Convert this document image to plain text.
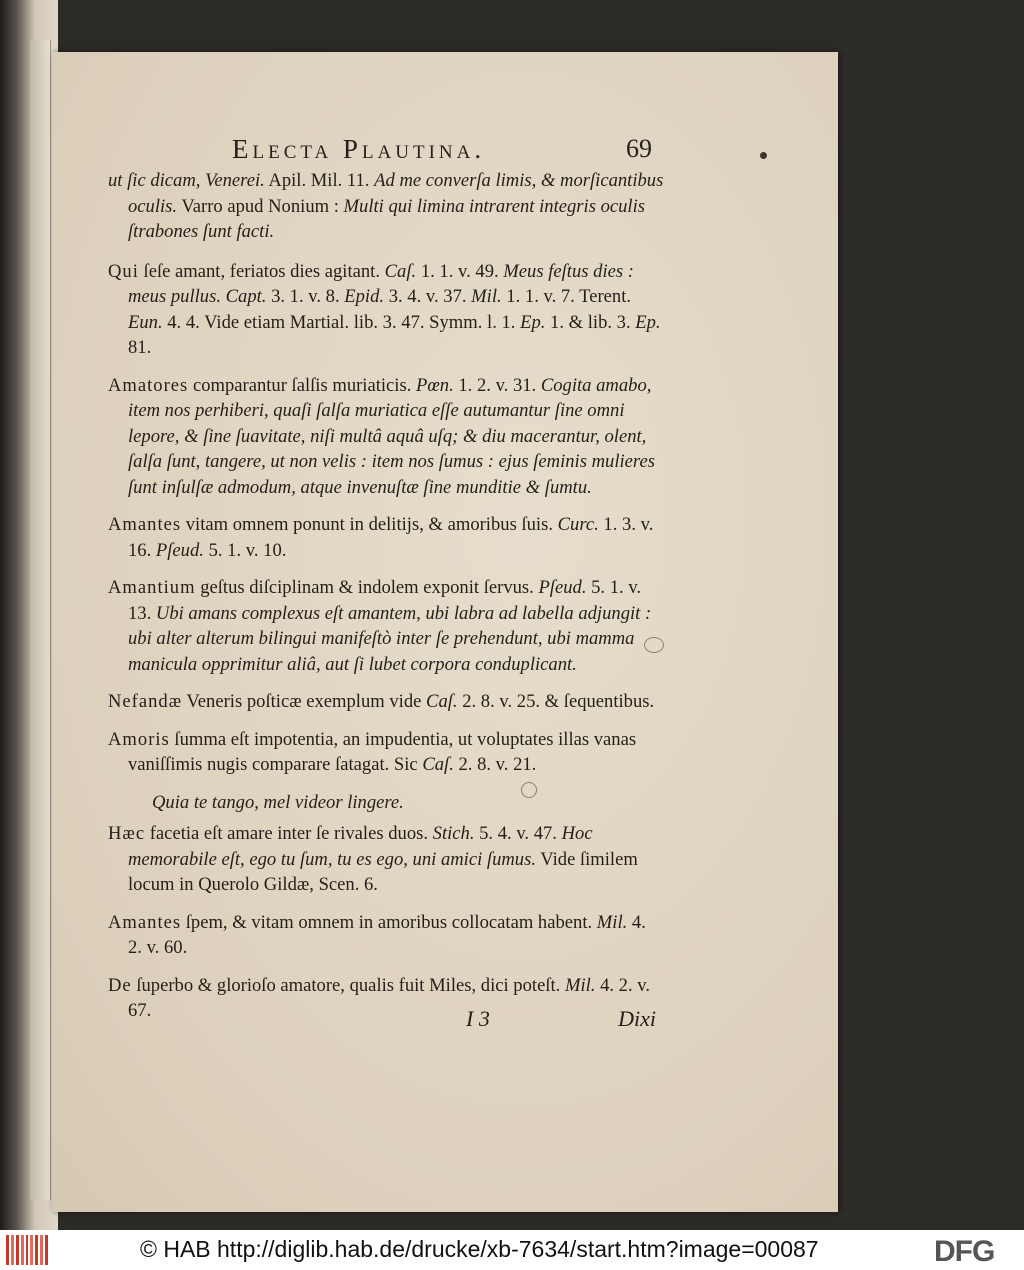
Electa Plautina.	69

ut ſic dicam, Venerei. Apil. Mil. 11. Ad me converſa limis, & morſicantibus oculis. Varro apud Nonium : Multi qui limina intrarent integris oculis ſtrabones ſunt facti.

Qui ſeſe amant, feriatos dies agitant. Caſ. 1. 1. v. 49. Meus feſtus dies : meus pullus. Capt. 3. 1. v. 8. Epid. 3. 4. v. 37. Mil. 1. 1. v. 7. Terent. Eun. 4. 4. Vide etiam Martial. lib. 3. 47. Symm. l. 1. Ep. 1. & lib. 3. Ep. 81.

Amatores comparantur ſalſis muriaticis. Pœn. 1. 2. v. 31. Cogita amabo, item nos perhiberi, quaſi ſalſa muriatica eſſe autumantur ſine omni lepore, & ſine ſuavitate, niſi multâ aquâ uſq; & diu macerantur, olent, ſalſa ſunt, tangere, ut non velis : item nos ſumus : ejus ſeminis mulieres ſunt inſulſæ admodum, atque invenuſtæ ſine munditie & ſumtu.

Amantes vitam omnem ponunt in delitijs, & amoribus ſuis. Curc. 1. 3. v. 16. Pſeud. 5. 1. v. 10.

Amantium geſtus diſciplinam & indolem exponit ſervus. Pſeud. 5. 1. v. 13. Ubi amans complexus eſt amantem, ubi labra ad labella adjungit : ubi alter alterum bilingui manifeſtò inter ſe prehendunt, ubi mamma manicula opprimitur aliâ, aut ſi lubet corpora conduplicant.

Nefandæ Veneris poſticæ exemplum vide Caſ. 2. 8. v. 25. & ſequentibus.

Amoris ſumma eſt impotentia, an impudentia, ut voluptates illas vanas vaniſſimis nugis comparare ſatagat. Sic Caſ. 2. 8. v. 21.

Quia te tango, mel videor lingere.

Hæc facetia eſt amare inter ſe rivales duos. Stich. 5. 4. v. 47. Hoc memorabile eſt, ego tu ſum, tu es ego, uni amici ſumus. Vide ſimilem locum in Querolo Gildæ, Scen. 6.

Amantes ſpem, & vitam omnem in amoribus collocatam habent. Mil. 4. 2. v. 60.

De ſuperbo & glorioſo amatore, qualis fuit Miles, dici poteſt. Mil. 4. 2. v. 67.	I 3	Dixi
© HAB http://diglib.hab.de/drucke/xb-7634/start.htm?image=00087	DFG
